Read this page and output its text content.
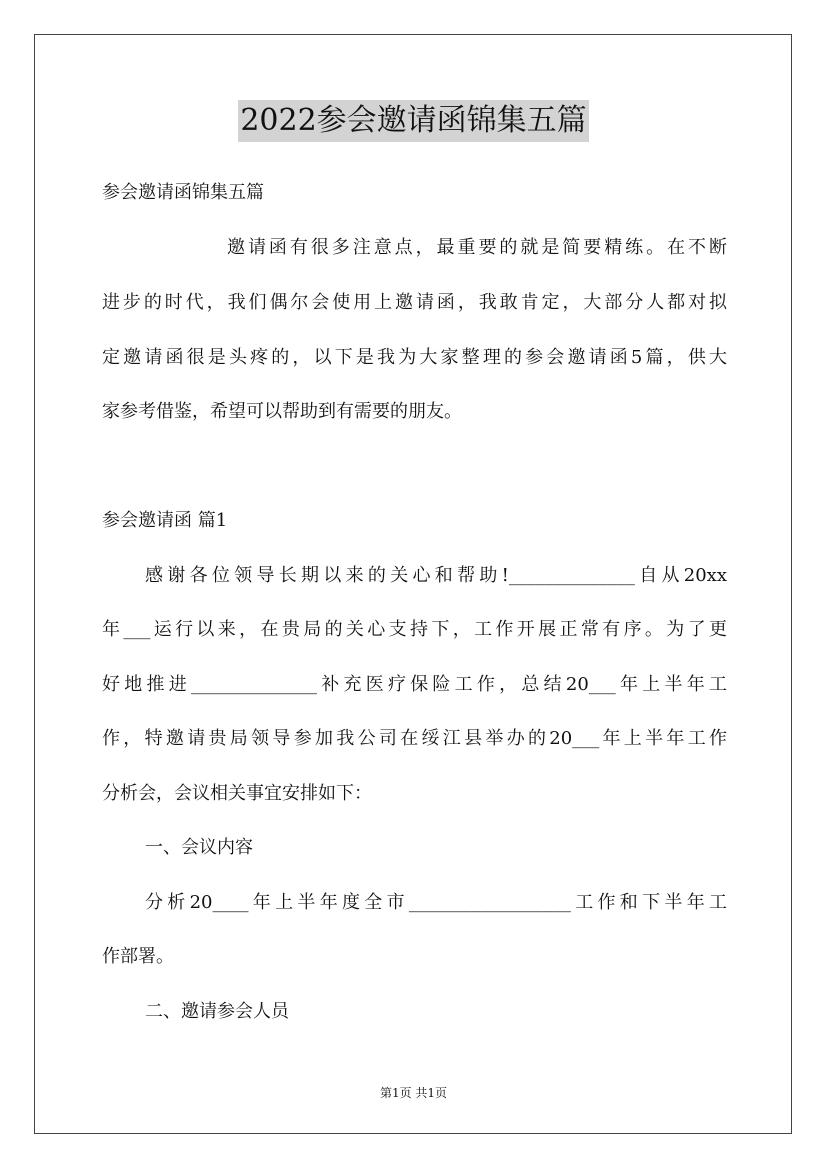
2022参会邀请函锦集五篇
参会邀请函锦集五篇
邀请函有很多注意点，最重要的就是简要精练。在不断
进步的时代，我们偶尔会使用上邀请函，我敢肯定，大部分人都对拟
定邀请函很是头疼的，以下是我为大家整理的参会邀请函5篇，供大
家参考借鉴，希望可以帮助到有需要的朋友。
参会邀请函 篇1
感谢各位领导长期以来的关心和帮助!______________自从20xx
年___运行以来，在贵局的关心支持下，工作开展正常有序。为了更
好地推进______________补充医疗保险工作，总结20___年上半年工
作，特邀请贵局领导参加我公司在绥江县举办的20___年上半年工作
分析会，会议相关事宜安排如下：
一、会议内容
分析20____年上半年度全市__________________工作和下半年工
作部署。
二、邀请参会人员
第1页 共1页
